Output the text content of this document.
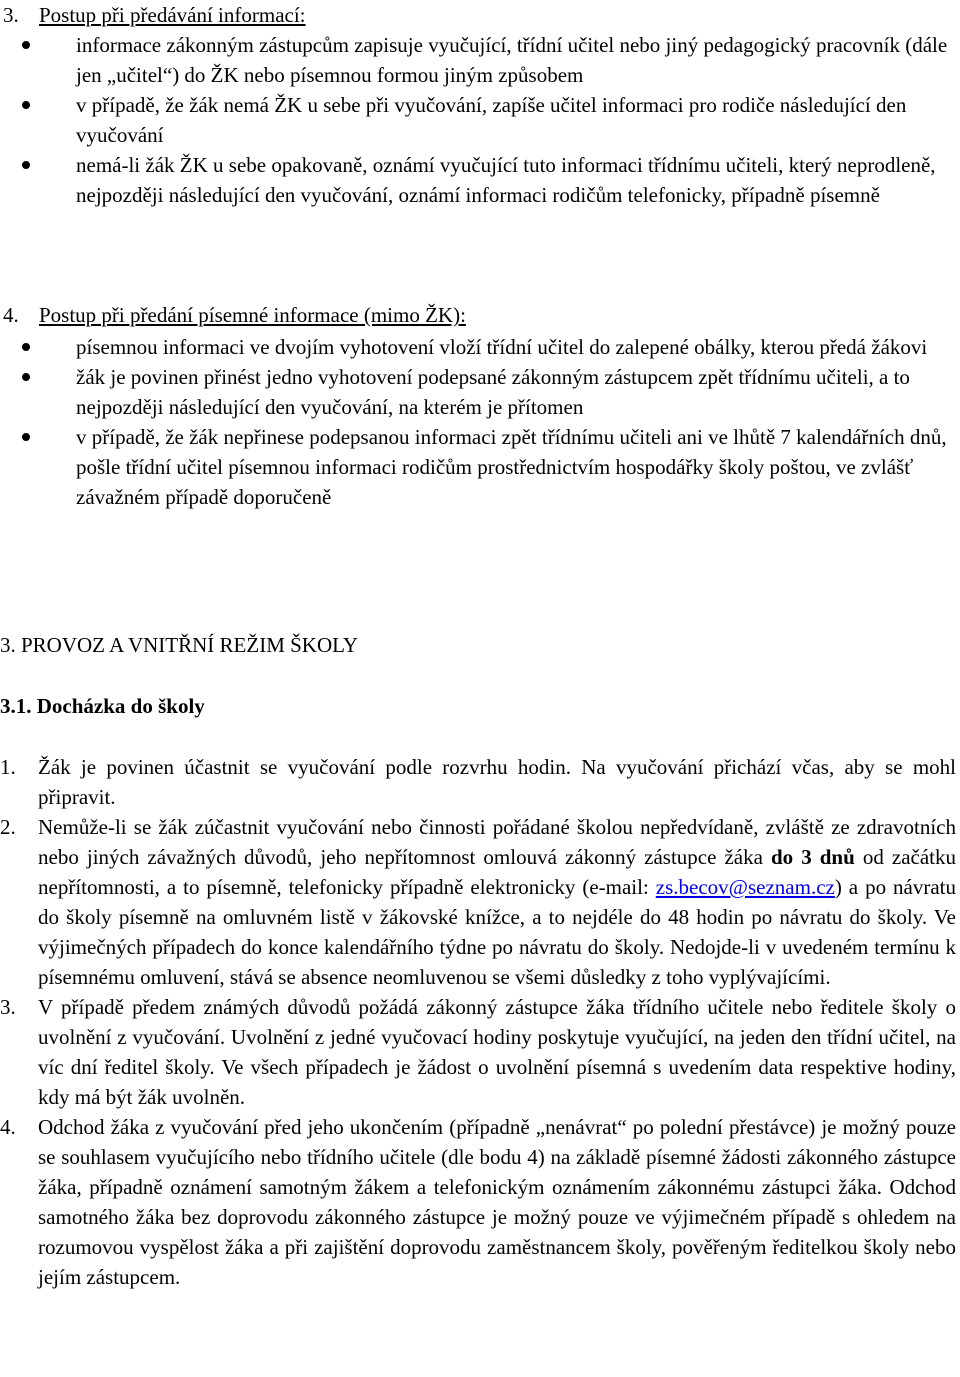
3. Postup při předávání informací:
informace zákonným zástupcům zapisuje vyučující, třídní učitel nebo jiný pedagogický pracovník (dále jen „učitel“) do ŽK nebo písemnou formou jiným způsobem
v případě, že žák nemá ŽK u sebe při vyučování, zapíše učitel informaci pro rodiče následující den vyučování
nemá-li žák ŽK u sebe opakovaně, oznámí vyučující tuto informaci třídnímu učiteli, který neprodleně, nejpozději následující den vyučování, oznámí informaci rodičům telefonicky, případně písemně
4. Postup při předání písemné informace (mimo ŽK):
písemnou informaci ve dvojím vyhotovení vloží třídní učitel do zalepené obálky, kterou předá žákovi
žák je povinen přinést jedno vyhotovení podepsané zákonným zástupcem zpět třídnímu učiteli, a to nejpozději následující den vyučování, na kterém je přítomen
v případě, že žák nepřinese podepsanou informaci zpět třídnímu učiteli ani ve lhůtě 7 kalendářních dnů, pošle třídní učitel písemnou informaci rodičům prostřednictvím hospodářky školy poštou, ve zvlášť závažném případě doporučeně
3. PROVOZ A VNITŘNÍ REŽIM ŠKOLY
3.1. Docházka do školy
1. Žák je povinen účastnit se vyučování podle rozvrhu hodin. Na vyučování přichází včas, aby se mohl připravit.
2. Nemůže-li se žák zúčastnit vyučování nebo činnosti pořádané školou nepředvídaně, zvláště ze zdravotních nebo jiných závažných důvodů, jeho nepřítomnost omlouvá zákonný zástupce žáka do 3 dnů od začátku nepřítomnosti, a to písemně, telefonicky případně elektronicky (e-mail: zs.becov@seznam.cz) a po návratu do školy písemně na omluvném listě v žákovské knížce, a to nejdéle do 48 hodin po návratu do školy. Ve výjimečných případech do konce kalendářního týdne po návratu do školy. Nedojde-li v uvedeném termínu k písemnému omluvení, stává se absence neomluvenou se všemi důsledky z toho vyplývajícími.
3. V případě předem známých důvodů požádá zákonný zástupce žáka třídního učitele nebo ředitele školy o uvolnění z vyučování. Uvolnění z jedné vyučovací hodiny poskytuje vyučující, na jeden den třídní učitel, na víc dní ředitel školy. Ve všech případech je žádost o uvolnění písemná s uvedením data respektive hodiny, kdy má být žák uvolněn.
4. Odchod žáka z vyučování před jeho ukončením (případně „nenávrat“ po polední přestávce) je možný pouze se souhlasem vyučujícího nebo třídního učitele (dle bodu 4) na základě písemné žádosti zákonného zástupce žáka, případně oznámení samotným žákem a telefonickým oznámením zákonnému zástupci žáka. Odchod samotného žáka bez doprovodu zákonného zástupce je možný pouze ve výjimečném případě s ohledem na rozumovou vyspělost žáka a při zajištění doprovodu zaměstnancem školy, pověřeným ředitelkou školy nebo jejím zástupcem.
